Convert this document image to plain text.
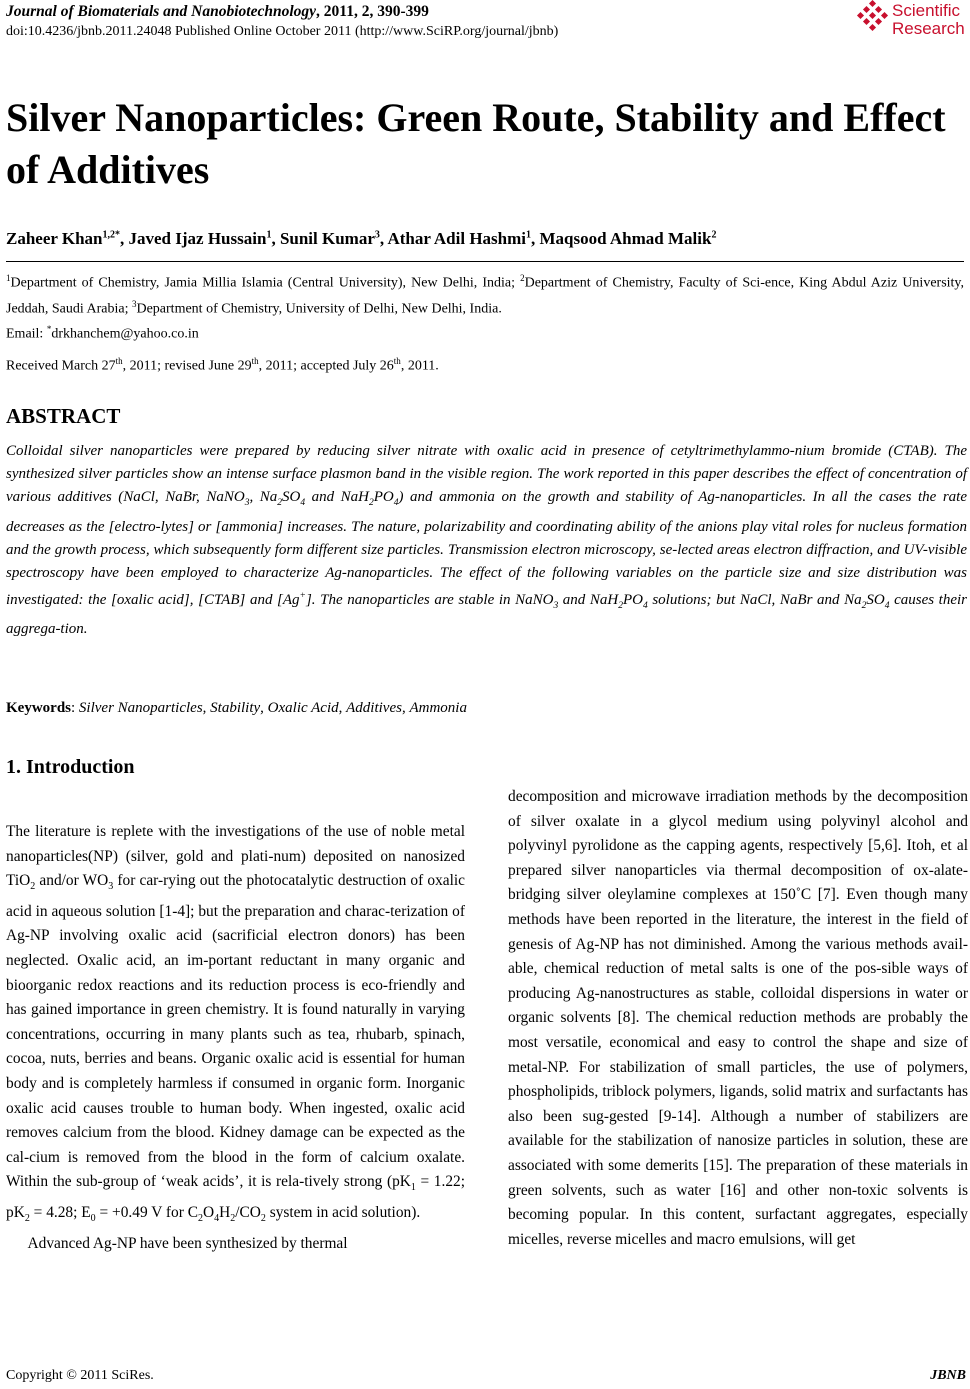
Journal of Biomaterials and Nanobiotechnology, 2011, 2, 390-399
doi:10.4236/jbnb.2011.24048 Published Online October 2011 (http://www.SciRP.org/journal/jbnb)
Scientific
Research
Silver Nanoparticles: Green Route, Stability and Effect of Additives
Zaheer Khan$^{1,2*}$, Javed Ijaz Hussain$^1$, Sunil Kumar$^3$, Athar Adil Hashmi$^1$, Maqsood Ahmad Malik$^2$
$^1$Department of Chemistry, Jamia Millia Islamia (Central University), New Delhi, India; $^2$Department of Chemistry, Faculty of Sci-ence, King Abdul Aziz University, Jeddah, Saudi Arabia; $^3$Department of Chemistry, University of Delhi, New Delhi, India.
Email: *drkhanchem@yahoo.co.in
Received March 27th, 2011; revised June 29th, 2011; accepted July 26th, 2011.
ABSTRACT
Colloidal silver nanoparticles were prepared by reducing silver nitrate with oxalic acid in presence of cetyltrimethylammo-nium bromide (CTAB). The synthesized silver particles show an intense surface plasmon band in the visible region. The work reported in this paper describes the effect of concentration of various additives (NaCl, NaBr, NaNO$_3$, $Na_2SO_4$ and $NaH_2PO_4$) and ammonia on the growth and stability of Ag-nanoparticles. In all the cases the rate decreases as the [electro-lytes] or [ammonia] increases. The nature, polarizability and coordinating ability of the anions play vital roles for nucleus formation and the growth process, which subsequently form different size particles. Transmission electron microscopy, se-lected areas electron diffraction, and UV-visible spectroscopy have been employed to characterize Ag-nanoparticles. The effect of the following variables on the particle size and size distribution was investigated: the [oxalic acid], [CTAB] and [Ag+]. The nanoparticles are stable in NaNO$_3$ and $NaH_2PO_4$ solutions; but NaCl, NaBr and $Na_2SO_4$ causes their aggrega-tion.
Keywords: Silver Nanoparticles, Stability, Oxalic Acid, Additives, Ammonia
1. Introduction

The literature is replete with the investigations of the use of noble metal nanoparticles(NP) (silver, gold and plati-num) deposited on nanosized TiO$_2$ and/or $WO_3$ for car-rying out the photocatalytic destruction of oxalic acid in aqueous solution [1-4]; but the preparation and charac-terization of Ag-NP involving oxalic acid (sacrificial electron donors) has been neglected. Oxalic acid, an im-portant reductant in many organic and bioorganic redox reactions and its reduction process is eco-friendly and has gained importance in green chemistry. It is found naturally in varying concentrations, occurring in many plants such as tea, rhubarb, spinach, cocoa, nuts, berries and beans. Organic oxalic acid is essential for human body and is completely harmless if consumed in organic form. Inorganic oxalic acid causes trouble to human body. When ingested, oxalic acid removes calcium from the blood. Kidney damage can be expected as the cal-cium is removed from the blood in the form of calcium oxalate. Within the sub-group of ‘weak acids’, it is rela-tively strong ($pK_1 = 1.22$; $pK_2 = 4.28$; $E_0 = +0.49$ V for $C_2O_4H_2/CO_2$ system in acid solution).

Advanced Ag-NP have been synthesized by thermal

decomposition and microwave irradiation methods by the decomposition of silver oxalate in a glycol medium using polyvinyl alcohol and polyvinyl pyrolidone as the capping agents, respectively [5,6]. Itoh, et al prepared silver nanoparticles via thermal decomposition of ox-alate-bridging silver oleylamine complexes at 150˚C [7]. Even though many methods have been reported in the literature, the interest in the field of genesis of Ag-NP has not diminished. Among the various methods avail-able, chemical reduction of metal salts is one of the pos-sible ways of producing Ag-nanostructures as stable, colloidal dispersions in water or organic solvents [8]. The chemical reduction methods are probably the most versatile, economical and easy to control the shape and size of metal-NP. For stabilization of small particles, the use of polymers, phospholipids, triblock polymers, ligands, solid matrix and surfactants has also been sug-gested [9-14]. Although a number of stabilizers are available for the stabilization of nanosize particles in solution, these are associated with some demerits [15]. The preparation of these materials in green solvents, such as water [16] and other non-toxic solvents is becoming popular. In this content, surfactant aggregates, especially micelles, reverse micelles and macro emulsions, will get

Copyright © 2011 SciRes.	JBNB
